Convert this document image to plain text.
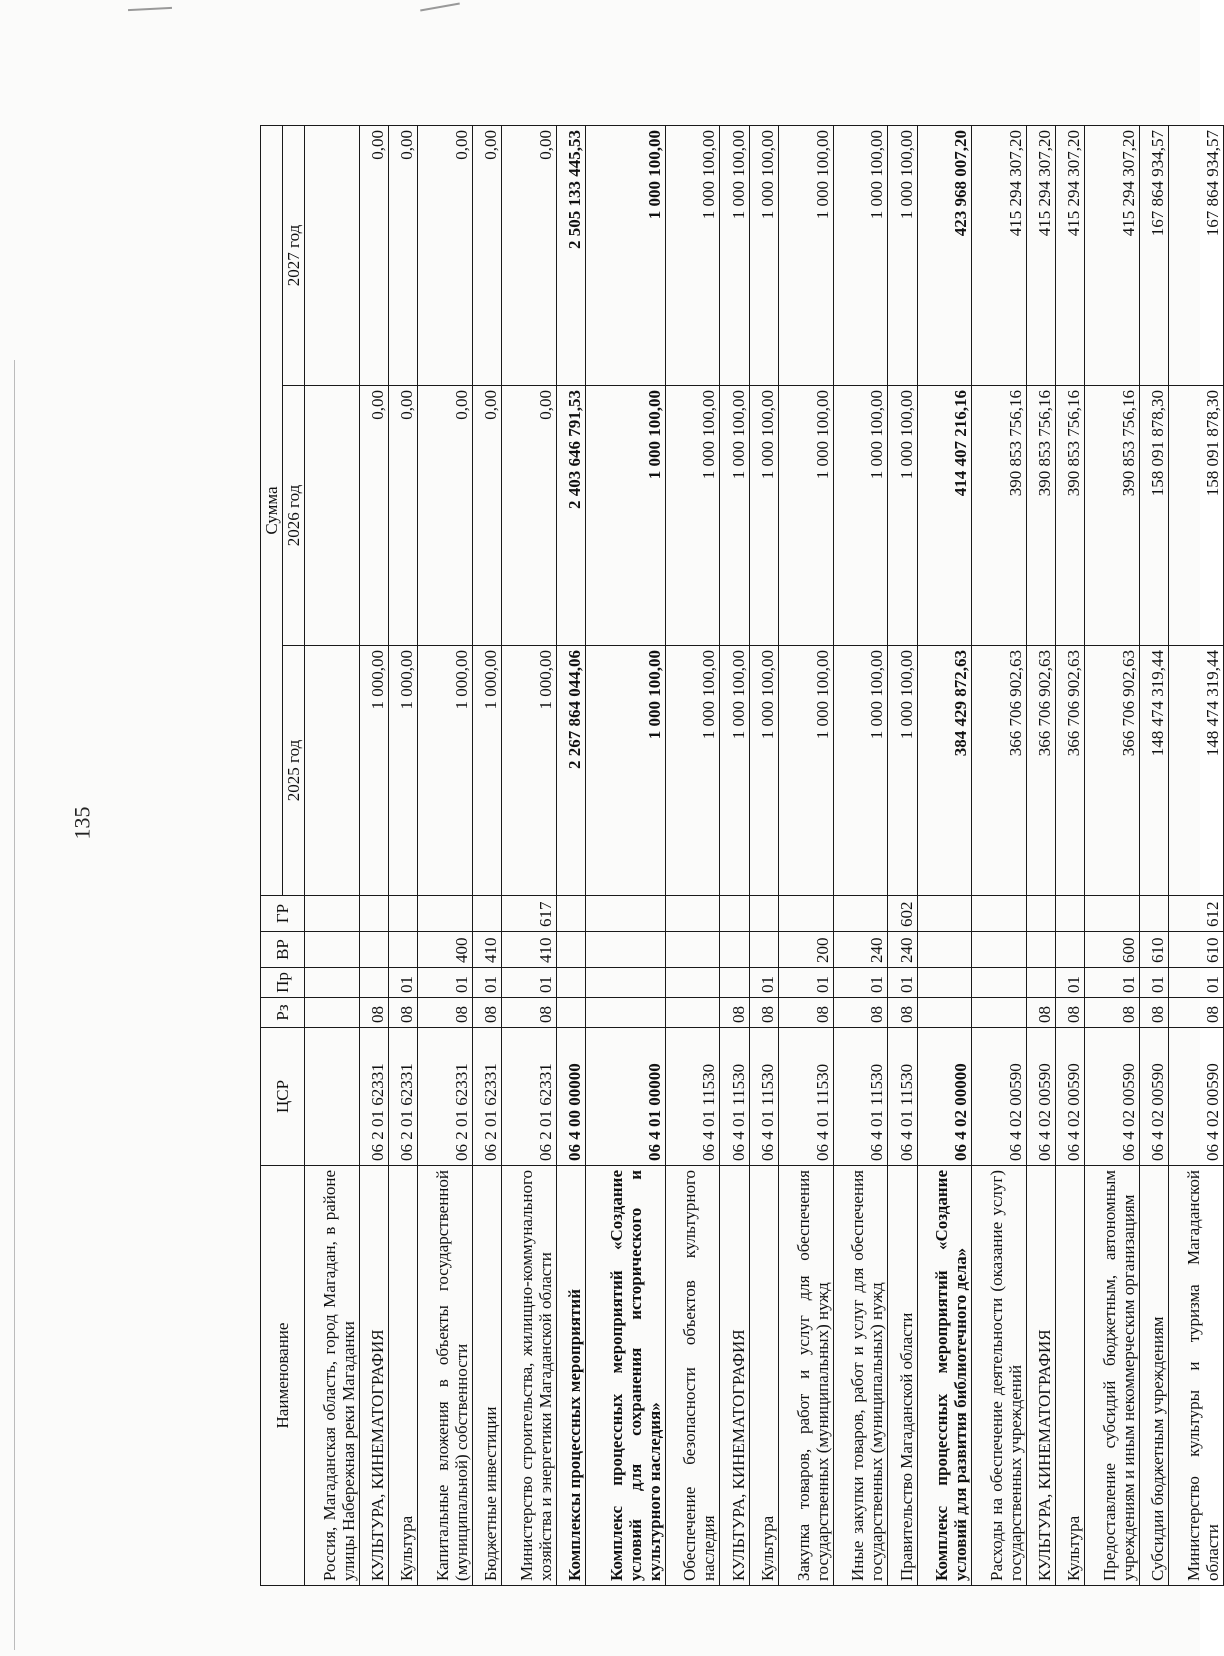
135
Наименование	ЦСР	Рз	Пр	ВР	ГР	Сумма		
						2025 год	2026 год	2027 год
Россия, Магаданская область, город Магадан, в районе улицы Набережная реки Магаданки								
КУЛЬТУРА, КИНЕМАТОГРАФИЯ	06 2 01 62331	08				1 000,00	0,00	0,00
Культура	06 2 01 62331	08	01			1 000,00	0,00	0,00
Капитальные вложения в объекты государственной (муниципальной) собственности	06 2 01 62331	08	01	400		1 000,00	0,00	0,00
Бюджетные инвестиции	06 2 01 62331	08	01	410		1 000,00	0,00	0,00
Министерство строительства, жилищно-коммунального хозяйства и энергетики Магаданской области	06 2 01 62331	08	01	410	617	1 000,00	0,00	0,00
Комплексы процессных мероприятий	06 4 00 00000					2 267 864 044,06	2 403 646 791,53	2 505 133 445,53
Комплекс процессных мероприятий «Создание условий для сохранения исторического и культурного наследия»	06 4 01 00000					1 000 100,00	1 000 100,00	1 000 100,00
Обеспечение безопасности объектов культурного наследия	06 4 01 11530					1 000 100,00	1 000 100,00	1 000 100,00
КУЛЬТУРА, КИНЕМАТОГРАФИЯ	06 4 01 11530	08				1 000 100,00	1 000 100,00	1 000 100,00
Культура	06 4 01 11530	08	01			1 000 100,00	1 000 100,00	1 000 100,00
Закупка товаров, работ и услуг для обеспечения государственных (муниципальных) нужд	06 4 01 11530	08	01	200		1 000 100,00	1 000 100,00	1 000 100,00
Иные закупки товаров, работ и услуг для обеспечения государственных (муниципальных) нужд	06 4 01 11530	08	01	240		1 000 100,00	1 000 100,00	1 000 100,00
Правительство Магаданской области	06 4 01 11530	08	01	240	602	1 000 100,00	1 000 100,00	1 000 100,00
Комплекс процессных мероприятий «Создание условий для развития библиотечного дела»	06 4 02 00000					384 429 872,63	414 407 216,16	423 968 007,20
Расходы на обеспечение деятельности (оказание услуг) государственных учреждений	06 4 02 00590					366 706 902,63	390 853 756,16	415 294 307,20
КУЛЬТУРА, КИНЕМАТОГРАФИЯ	06 4 02 00590	08				366 706 902,63	390 853 756,16	415 294 307,20
Культура	06 4 02 00590	08	01			366 706 902,63	390 853 756,16	415 294 307,20
Предоставление субсидий бюджетным, автономным учреждениям и иным некоммерческим организациям	06 4 02 00590	08	01	600		366 706 902,63	390 853 756,16	415 294 307,20
Субсидии бюджетным учреждениям	06 4 02 00590	08	01	610		148 474 319,44	158 091 878,30	167 864 934,57
Министерство культуры и туризма Магаданской области	06 4 02 00590	08	01	610	612	148 474 319,44	158 091 878,30	167 864 934,57
